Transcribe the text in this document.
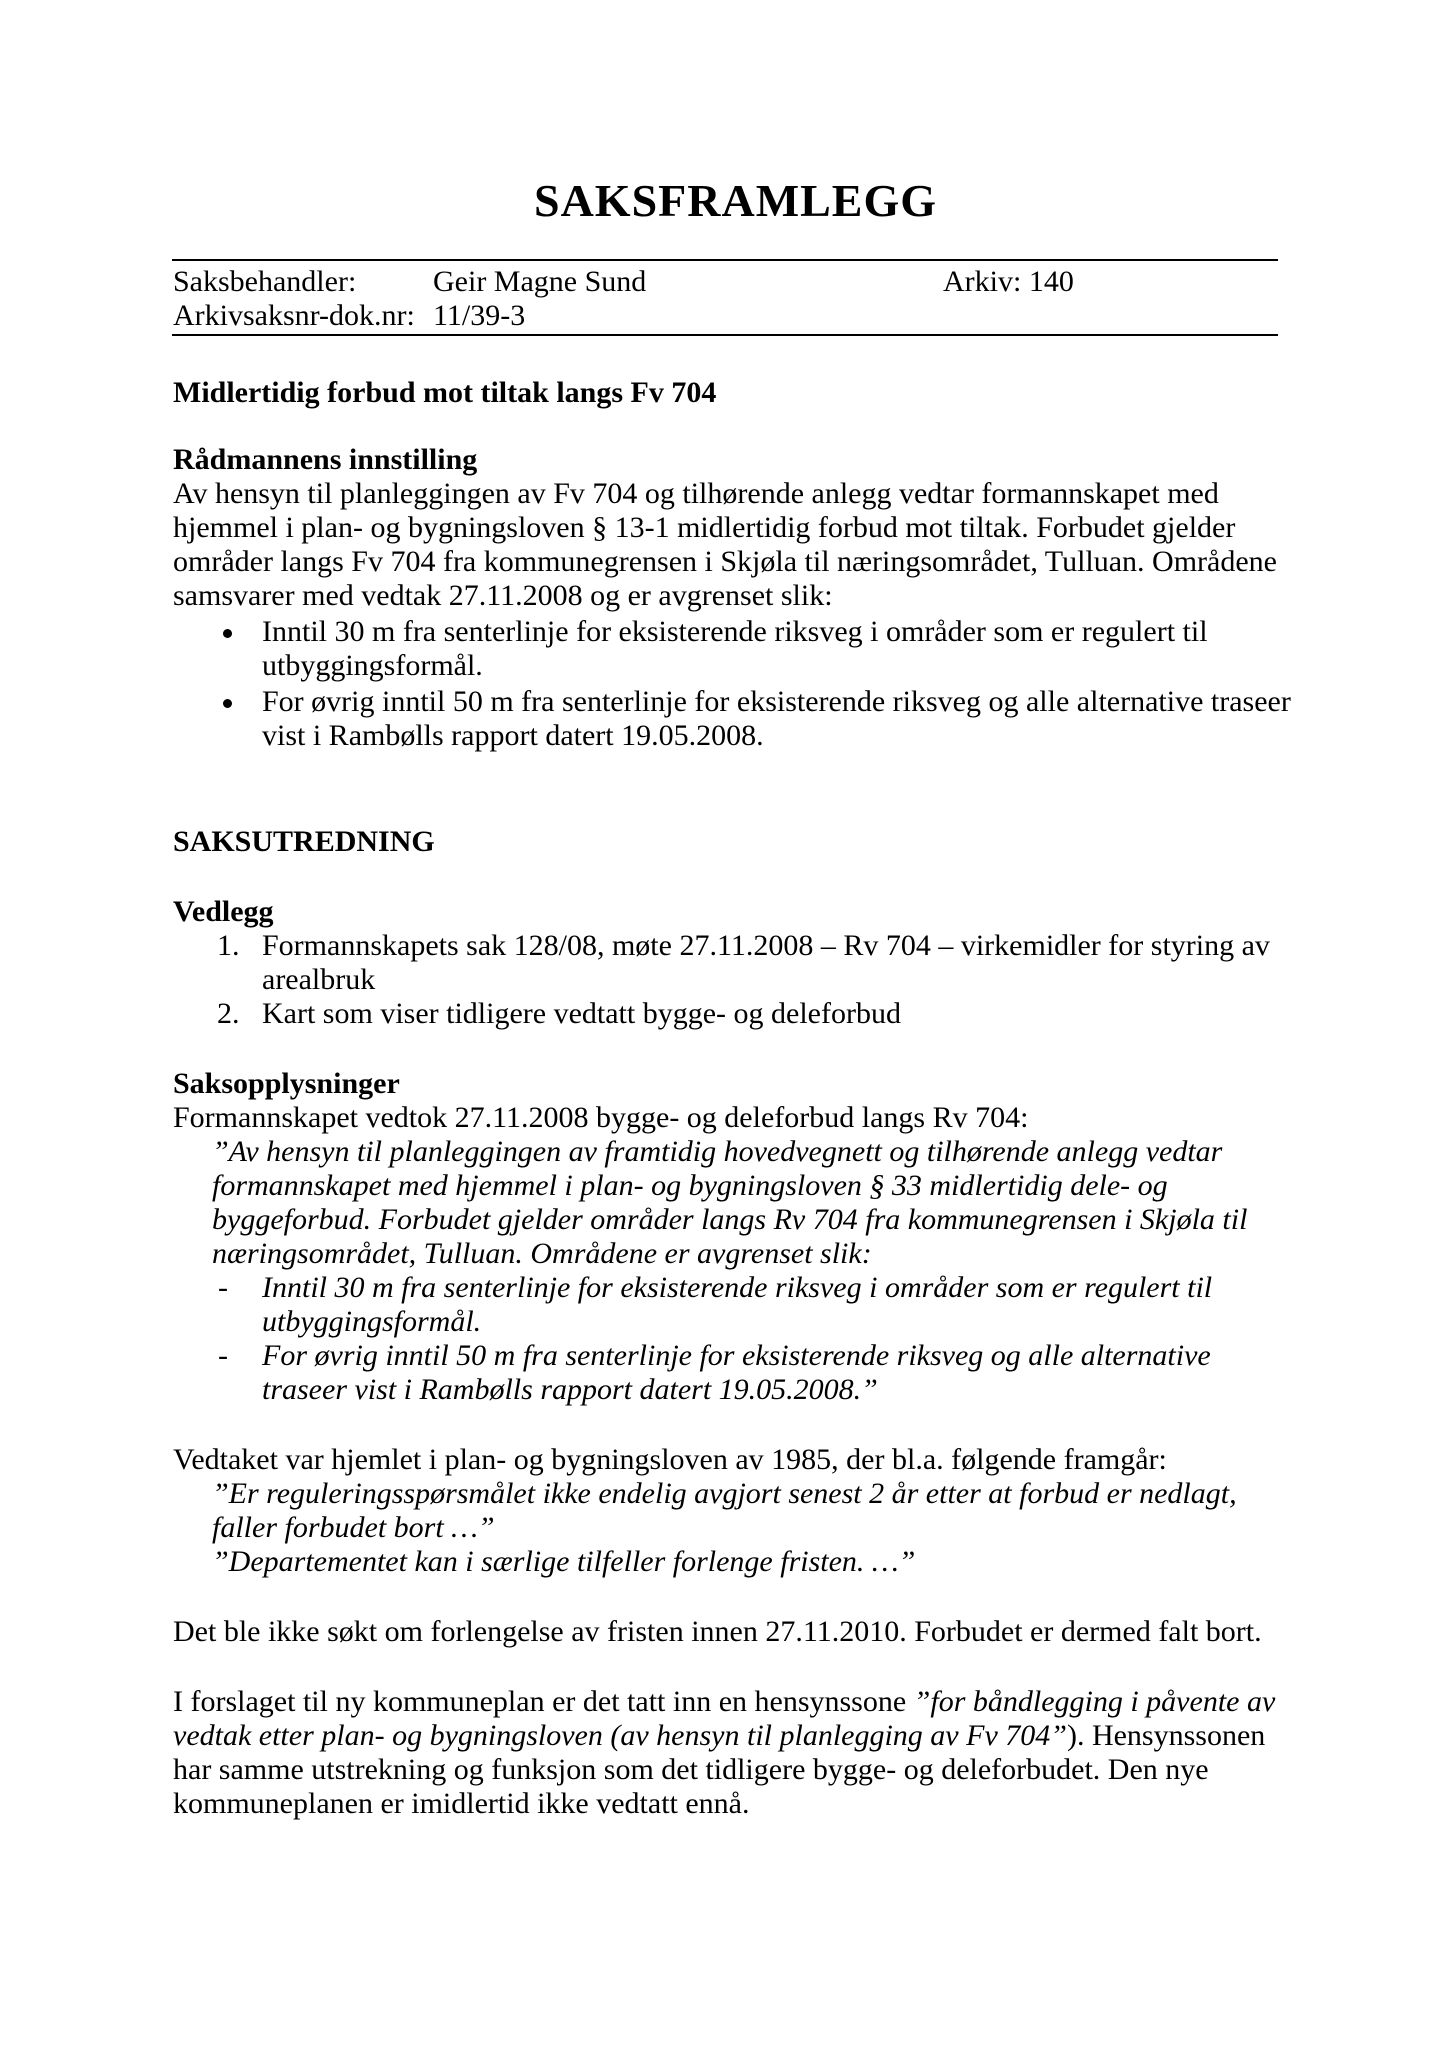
SAKSFRAMLEGG
Saksbehandler:	Geir Magne Sund	Arkiv: 140
Arkivsaksnr-dok.nr: 11/39-3
Midlertidig forbud mot tiltak langs Fv 704
Rådmannens innstilling
Av hensyn til planleggingen av Fv 704 og tilhørende anlegg vedtar formannskapet med
hjemmel i plan- og bygningsloven § 13-1 midlertidig forbud mot tiltak. Forbudet gjelder
områder langs Fv 704 fra kommunegrensen i Skjøla til næringsområdet, Tulluan. Områdene
samsvarer med vedtak 27.11.2008 og er avgrenset slik:
Inntil 30 m fra senterlinje for eksisterende riksveg i områder som er regulert til
utbyggingsformål.
For øvrig inntil 50 m fra senterlinje for eksisterende riksveg og alle alternative traseer
vist i Rambølls rapport datert 19.05.2008.
SAKSUTREDNING
Vedlegg
1. Formannskapets sak 128/08, møte 27.11.2008 – Rv 704 – virkemidler for styring av
arealbruk
2. Kart som viser tidligere vedtatt bygge- og deleforbud
Saksopplysninger
Formannskapet vedtok 27.11.2008 bygge- og deleforbud langs Rv 704:
”Av hensyn til planleggingen av framtidig hovedvegnett og tilhørende anlegg vedtar
formannskapet med hjemmel i plan- og bygningsloven § 33 midlertidig dele- og
byggeforbud. Forbudet gjelder områder langs Rv 704 fra kommunegrensen i Skjøla til
næringsområdet, Tulluan. Områdene er avgrenset slik:
- Inntil 30 m fra senterlinje for eksisterende riksveg i områder som er regulert til
utbyggingsformål.
- For øvrig inntil 50 m fra senterlinje for eksisterende riksveg og alle alternative
traseer vist i Rambølls rapport datert 19.05.2008.”
Vedtaket var hjemlet i plan- og bygningsloven av 1985, der bl.a. følgende framgår:
”Er reguleringsspørsmålet ikke endelig avgjort senest 2 år etter at forbud er nedlagt,
faller forbudet bort …”
”Departementet kan i særlige tilfeller forlenge fristen. …”
Det ble ikke søkt om forlengelse av fristen innen 27.11.2010. Forbudet er dermed falt bort.
I forslaget til ny kommuneplan er det tatt inn en hensynssone ”for båndlegging i påvente av
vedtak etter plan- og bygningsloven (av hensyn til planlegging av Fv 704”). Hensynssonen
har samme utstrekning og funksjon som det tidligere bygge- og deleforbudet. Den nye
kommuneplanen er imidlertid ikke vedtatt ennå.
